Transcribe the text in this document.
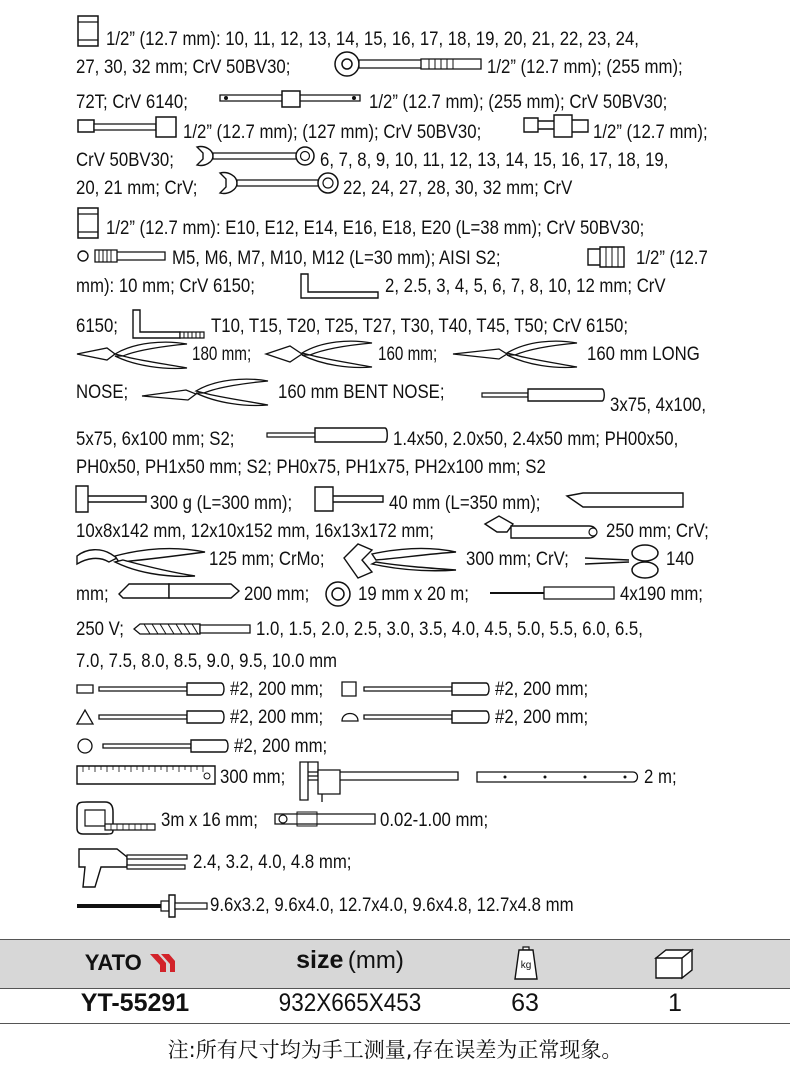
1/2” (12.7 mm): 10, 11, 12, 13, 14, 15, 16, 17, 18, 19, 20, 21, 22, 23, 24,
27, 30, 32 mm; CrV 50BV30;	1/2” (12.7 mm); (255 mm);
72T; CrV 6140;	1/2” (12.7 mm); (255 mm); CrV 50BV30;
1/2” (12.7 mm); (127 mm); CrV 50BV30;	1/2” (12.7 mm);
CrV 50BV30;	6, 7, 8, 9, 10, 11, 12, 13, 14, 15, 16, 17, 18, 19,
20, 21 mm; CrV;	22, 24, 27, 28, 30, 32 mm; CrV
1/2” (12.7 mm): E10, E12, E14, E16, E18, E20 (L=38 mm); CrV 50BV30;
M5, M6, M7, M10, M12 (L=30 mm); AISI S2;	1/2” (12.7
mm): 10 mm; CrV 6150;	2, 2.5, 3, 4, 5, 6, 7, 8, 10, 12 mm; CrV
6150;	T10, T15, T20, T25, T27, T30, T40, T45, T50; CrV 6150;
180 mm;	160 mm;	160 mm LONG
NOSE;	160 mm BENT NOSE;
3x75, 4x100,
5x75, 6x100 mm; S2;	1.4x50, 2.0x50, 2.4x50 mm; PH00x50,
PH0x50, PH1x50 mm; S2; PH0x75, PH1x75, PH2x100 mm; S2
300 g (L=300 mm);	40 mm (L=350 mm);
10x8x142 mm, 12x10x152 mm, 16x13x172 mm;	250 mm; CrV;
125 mm; CrMo;	300 mm; CrV;	140
mm;	200 mm;	19 mm x 20 m;	4x190 mm;
250 V;	1.0, 1.5, 2.0, 2.5, 3.0, 3.5, 4.0, 4.5, 5.0, 5.5, 6.0, 6.5,
7.0, 7.5, 8.0, 8.5, 9.0, 9.5, 10.0 mm
#2, 200 mm;	#2, 200 mm;
#2, 200 mm;	#2, 200 mm;
#2, 200 mm;
300 mm;	2 m;
3m x 16 mm;	0.02-1.00 mm;
2.4, 3.2, 4.0, 4.8 mm;
9.6x3.2, 9.6x4.0, 12.7x4.0, 9.6x4.8, 12.7x4.8 mm
YATO	size (mm)	kg
YT-55291	932X665X453	63	1
注:所有尺寸均为手工测量,存在误差为正常现象。
